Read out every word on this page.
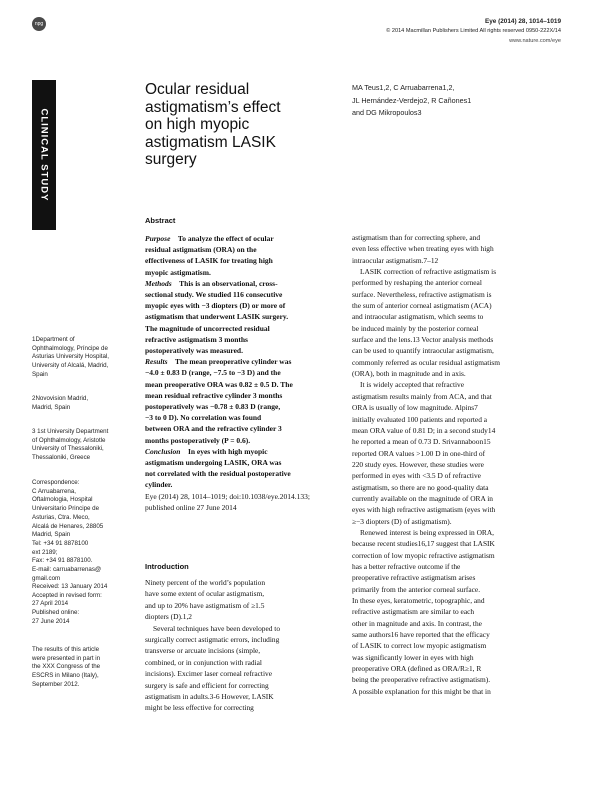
npg	Eye (2014) 28, 1014–1019
© 2014 Macmillan Publishers Limited All rights reserved 0950-222X/14
www.nature.com/eye
CLINICAL STUDY
Ocular residual
astigmatism’s effect
on high myopic
astigmatism LASIK
surgery
MA Teus1,2, C Arruabarrena1,2,
JL Hernández-Verdejo2, R Cañones1
and DG Mikropoulos3
1Department of
Ophthalmology, Príncipe de
Asturias University Hospital,
University of Alcalá, Madrid,
Spain
2Novovision Madrid,
Madrid, Spain
3 1st University Department
of Ophthalmology, Aristotle
University of Thessaloniki,
Thessaloniki, Greece
Correspondence:
C Arruabarrena,
Oftalmologia, Hospital
Universitario Principe de
Asturias, Ctra. Meco,
Alcalá de Henares, 28805
Madrid, Spain
Tel: +34 91 8878100
ext 2189;
Fax: +34 91 8878100.
E-mail: carruabarrenas@
gmail.com
Received: 13 January 2014
Accepted in revised form:
27 April 2014
Published online:
27 June 2014
The results of this article
were presented in part in
the XXX Congress of the
ESCRS in Milano (Italy),
September 2012.
Abstract
Purpose  To analyze the effect of ocular
residual astigmatism (ORA) on the
effectiveness of LASIK for treating high
myopic astigmatism.
Methods  This is an observational, cross-
sectional study. We studied 116 consecutive
myopic eyes with −3 diopters (D) or more of
astigmatism that underwent LASIK surgery.
The magnitude of uncorrected residual
refractive astigmatism 3 months
postoperatively was measured.
Results  The mean preoperative cylinder was
−4.0 ± 0.83 D (range, −7.5 to −3 D) and the
mean preoperative ORA was 0.82 ± 0.5 D. The
mean residual refractive cylinder 3 months
postoperatively was −0.78 ± 0.83 D (range,
−3 to 0 D). No correlation was found
between ORA and the refractive cylinder 3
months postoperatively (P = 0.6).
Conclusion  In eyes with high myopic
astigmatism undergoing LASIK, ORA was
not correlated with the residual postoperative
cylinder.
Eye (2014) 28, 1014–1019; doi:10.1038/eye.2014.133;
published online 27 June 2014
Introduction
Ninety percent of the world’s population
have some extent of ocular astigmatism,
and up to 20% have astigmatism of ≥1.5
diopters (D).1,2
Several techniques have been developed to
surgically correct astigmatic errors, including
transverse or arcuate incisions (simple,
combined, or in conjunction with radial
incisions). Excimer laser corneal refractive
surgery is safe and efficient for correcting
astigmatism in adults.3-6 However, LASIK
might be less effective for correcting
astigmatism than for correcting sphere, and
even less effective when treating eyes with high
intraocular astigmatism.7–12
LASIK correction of refractive astigmatism is
performed by reshaping the anterior corneal
surface. Nevertheless, refractive astigmatism is
the sum of anterior corneal astigmatism (ACA)
and intraocular astigmatism, which seems to
be induced mainly by the posterior corneal
surface and the lens.13 Vector analysis methods
can be used to quantify intraocular astigmatism,
commonly referred as ocular residual astigmatism
(ORA), both in magnitude and in axis.
It is widely accepted that refractive
astigmatism results mainly from ACA, and that
ORA is usually of low magnitude. Alpins7
initially evaluated 100 patients and reported a
mean ORA value of 0.81 D; in a second study14
he reported a mean of 0.73 D. Srivannaboon15
reported ORA values >1.00 D in one-third of
220 study eyes. However, these studies were
performed in eyes with <3.5 D of refractive
astigmatism, so there are no good-quality data
currently available on the magnitude of ORA in
eyes with high refractive astigmatism (eyes with
≥−3 diopters (D) of astigmatism).
Renewed interest is being expressed in ORA,
because recent studies16,17 suggest that LASIK
correction of low myopic refractive astigmatism
has a better refractive outcome if the
preoperative refractive astigmatism arises
primarily from the anterior corneal surface.
In these eyes, keratometric, topographic, and
refractive astigmatism are similar to each
other in magnitude and axis. In contrast, the
same authors16 have reported that the efficacy
of LASIK to correct low myopic astigmatism
was significantly lower in eyes with high
preoperative ORA (defined as ORA/R≥1, R
being the preoperative refractive astigmatism).
A possible explanation for this might be that in
